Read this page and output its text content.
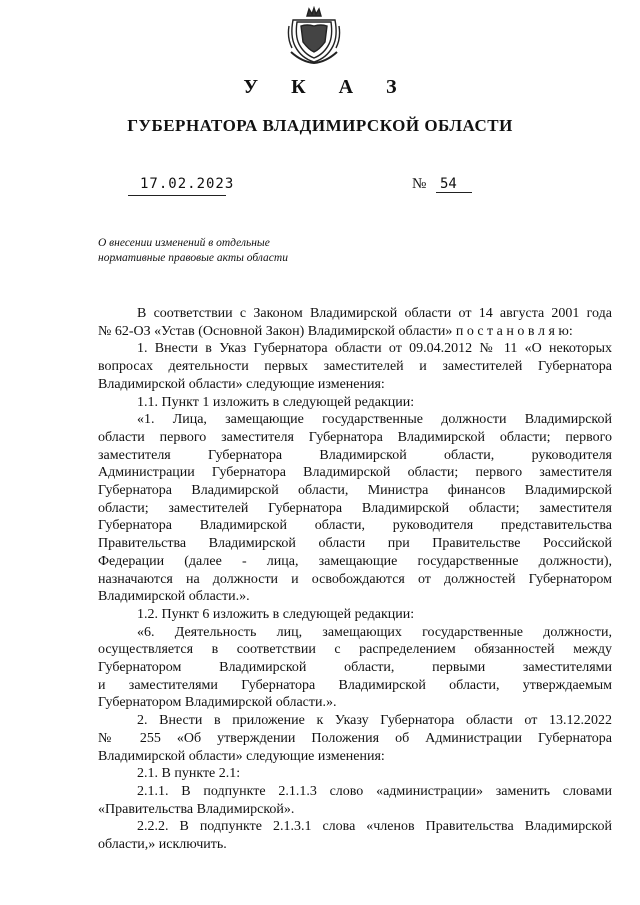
У К А З
ГУБЕРНАТОРА ВЛАДИМИРСКОЙ ОБЛАСТИ
17.02.2023	№ 54
О внесении изменений в отдельные
нормативные правовые акты области

В соответствии с Законом Владимирской области от 14 августа 2001 года

№ 62-ОЗ «Устав (Основной Закон) Владимирской области» п о с т а н о в л я ю:

1. Внести в Указ Губернатора области от 09.04.2012 № 11 «О некоторых

вопросах деятельности первых заместителей и заместителей Губернатора

Владимирской области» следующие изменения:

1.1. Пункт 1 изложить в следующей редакции:

«1. Лица, замещающие государственные должности Владимирской

области первого заместителя Губернатора Владимирской области; первого

заместителя Губернатора Владимирской области, руководителя

Администрации Губернатора Владимирской области; первого заместителя

Губернатора Владимирской области, Министра финансов Владимирской

области; заместителей Губернатора Владимирской области; заместителя

Губернатора Владимирской области, руководителя представительства

Правительства Владимирской области при Правительстве Российской

Федерации (далее - лица, замещающие государственные должности),

назначаются на должности и освобождаются от должностей Губернатором

Владимирской области.».

1.2. Пункт 6 изложить в следующей редакции:

«6. Деятельность лиц, замещающих государственные должности,

осуществляется в соответствии с распределением обязанностей между

Губернатором Владимирской области, первыми заместителями

и заместителями Губернатора Владимирской области, утверждаемым

Губернатором Владимирской области.».

2. Внести в приложение к Указу Губернатора области от 13.12.2022

№ 255 «Об утверждении Положения об Администрации Губернатора

Владимирской области» следующие изменения:

2.1. В пункте 2.1:

2.1.1. В подпункте 2.1.1.3 слово «администрации» заменить словами

«Правительства Владимирской».

2.2.2. В подпункте 2.1.3.1 слова «членов Правительства Владимирской

области,» исключить.
